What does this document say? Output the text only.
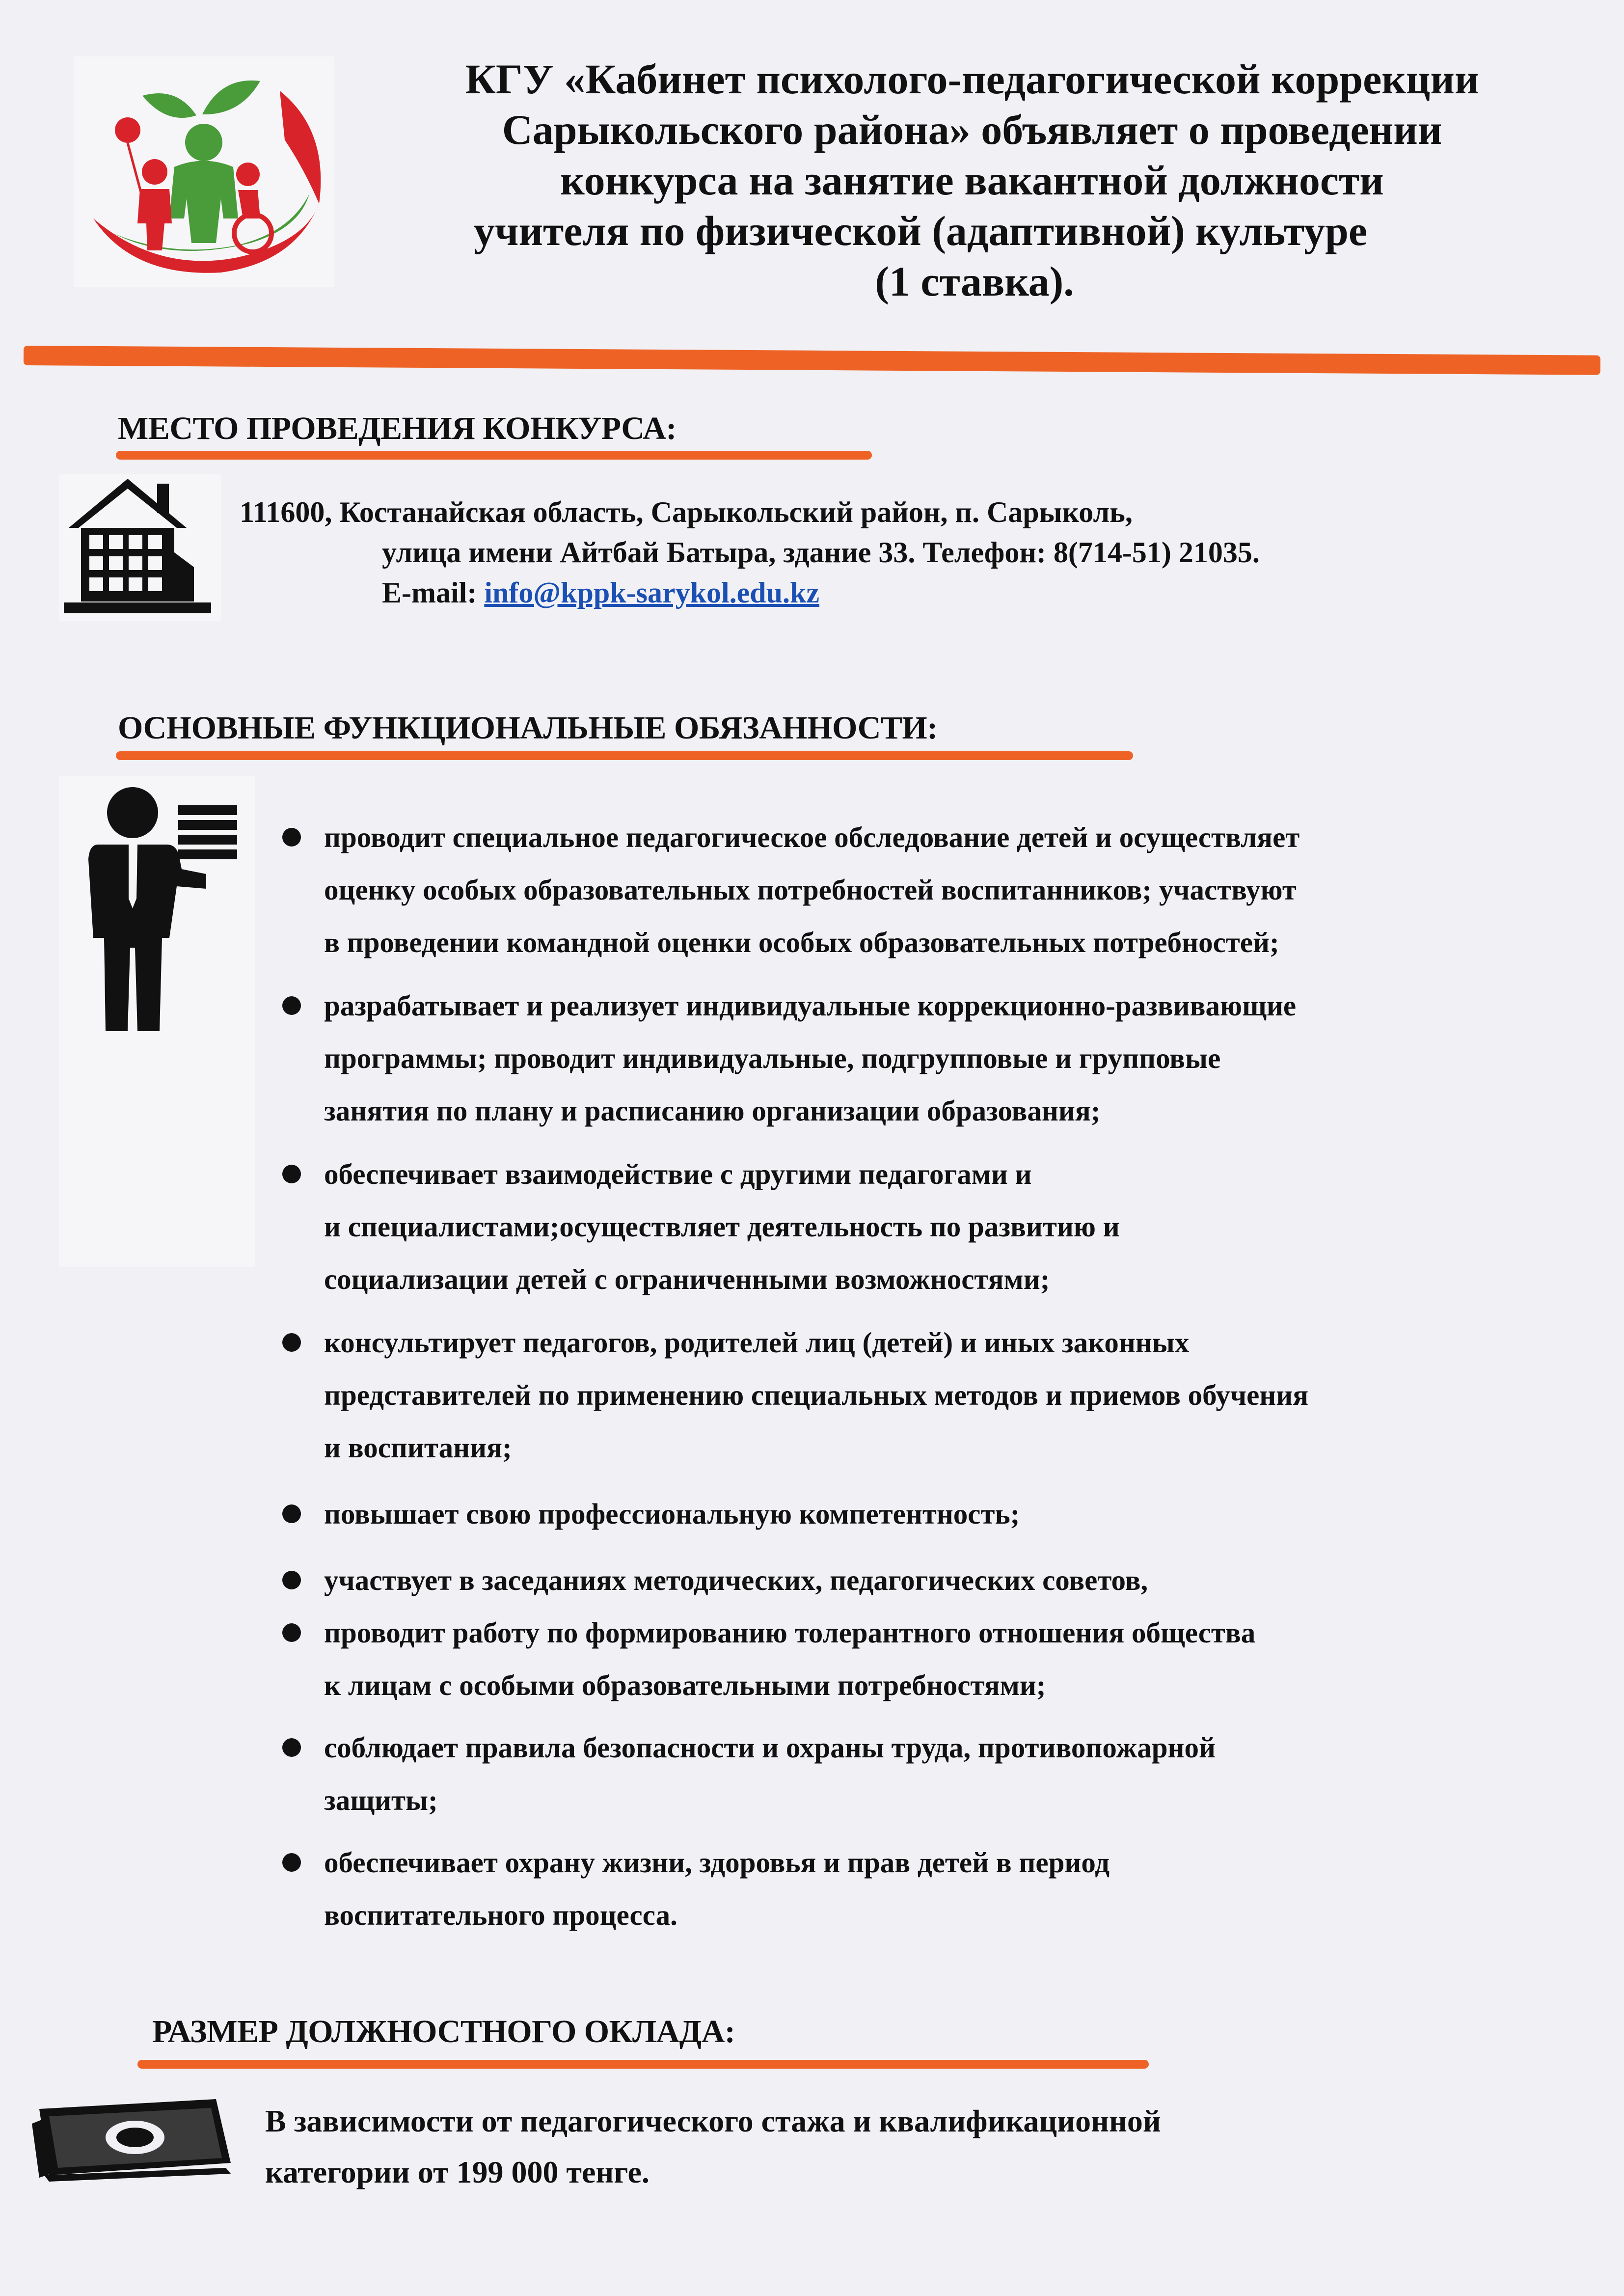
КГУ «Кабинет психолого-педагогической коррекции
Сарыкольского района» объявляет о проведении
конкурса на занятие вакантной должности
учителя по физической (адаптивной) культуре
(1 ставка).
МЕСТО ПРОВЕДЕНИЯ КОНКУРСА:
111600, Костанайская область, Сарыкольский район, п. Сарыколь,
улица имени Айтбай Батыра, здание 33. Телефон: 8(714-51) 21035.
E-mail: info@kppk-sarykol.edu.kz
ОСНОВНЫЕ ФУНКЦИОНАЛЬНЫЕ ОБЯЗАННОСТИ:
проводит специальное педагогическое обследование детей и осуществляет
оценку особых образовательных потребностей воспитанников; участвуют
в проведении командной оценки особых образовательных потребностей;
разрабатывает и реализует индивидуальные коррекционно-развивающие
программы; проводит индивидуальные, подгрупповые и групповые
занятия по плану и расписанию организации образования;
обеспечивает взаимодействие с другими педагогами и
и специалистами;осуществляет деятельность по развитию и
социализации детей с ограниченными возможностями;
консультирует педагогов, родителей лиц (детей) и иных законных
представителей по применению специальных методов и приемов обучения
и воспитания;
повышает свою профессиональную компетентность;
участвует в заседаниях методических, педагогических советов,
проводит работу по формированию толерантного отношения общества
к лицам с особыми образовательными потребностями;
соблюдает правила безопасности и охраны труда, противопожарной
защиты;
обеспечивает охрану жизни, здоровья и прав детей в период
воспитательного процесса.
РАЗМЕР ДОЛЖНОСТНОГО ОКЛАДА:
В зависимости от педагогического стажа и квалификационной
категории от 199 000 тенге.
